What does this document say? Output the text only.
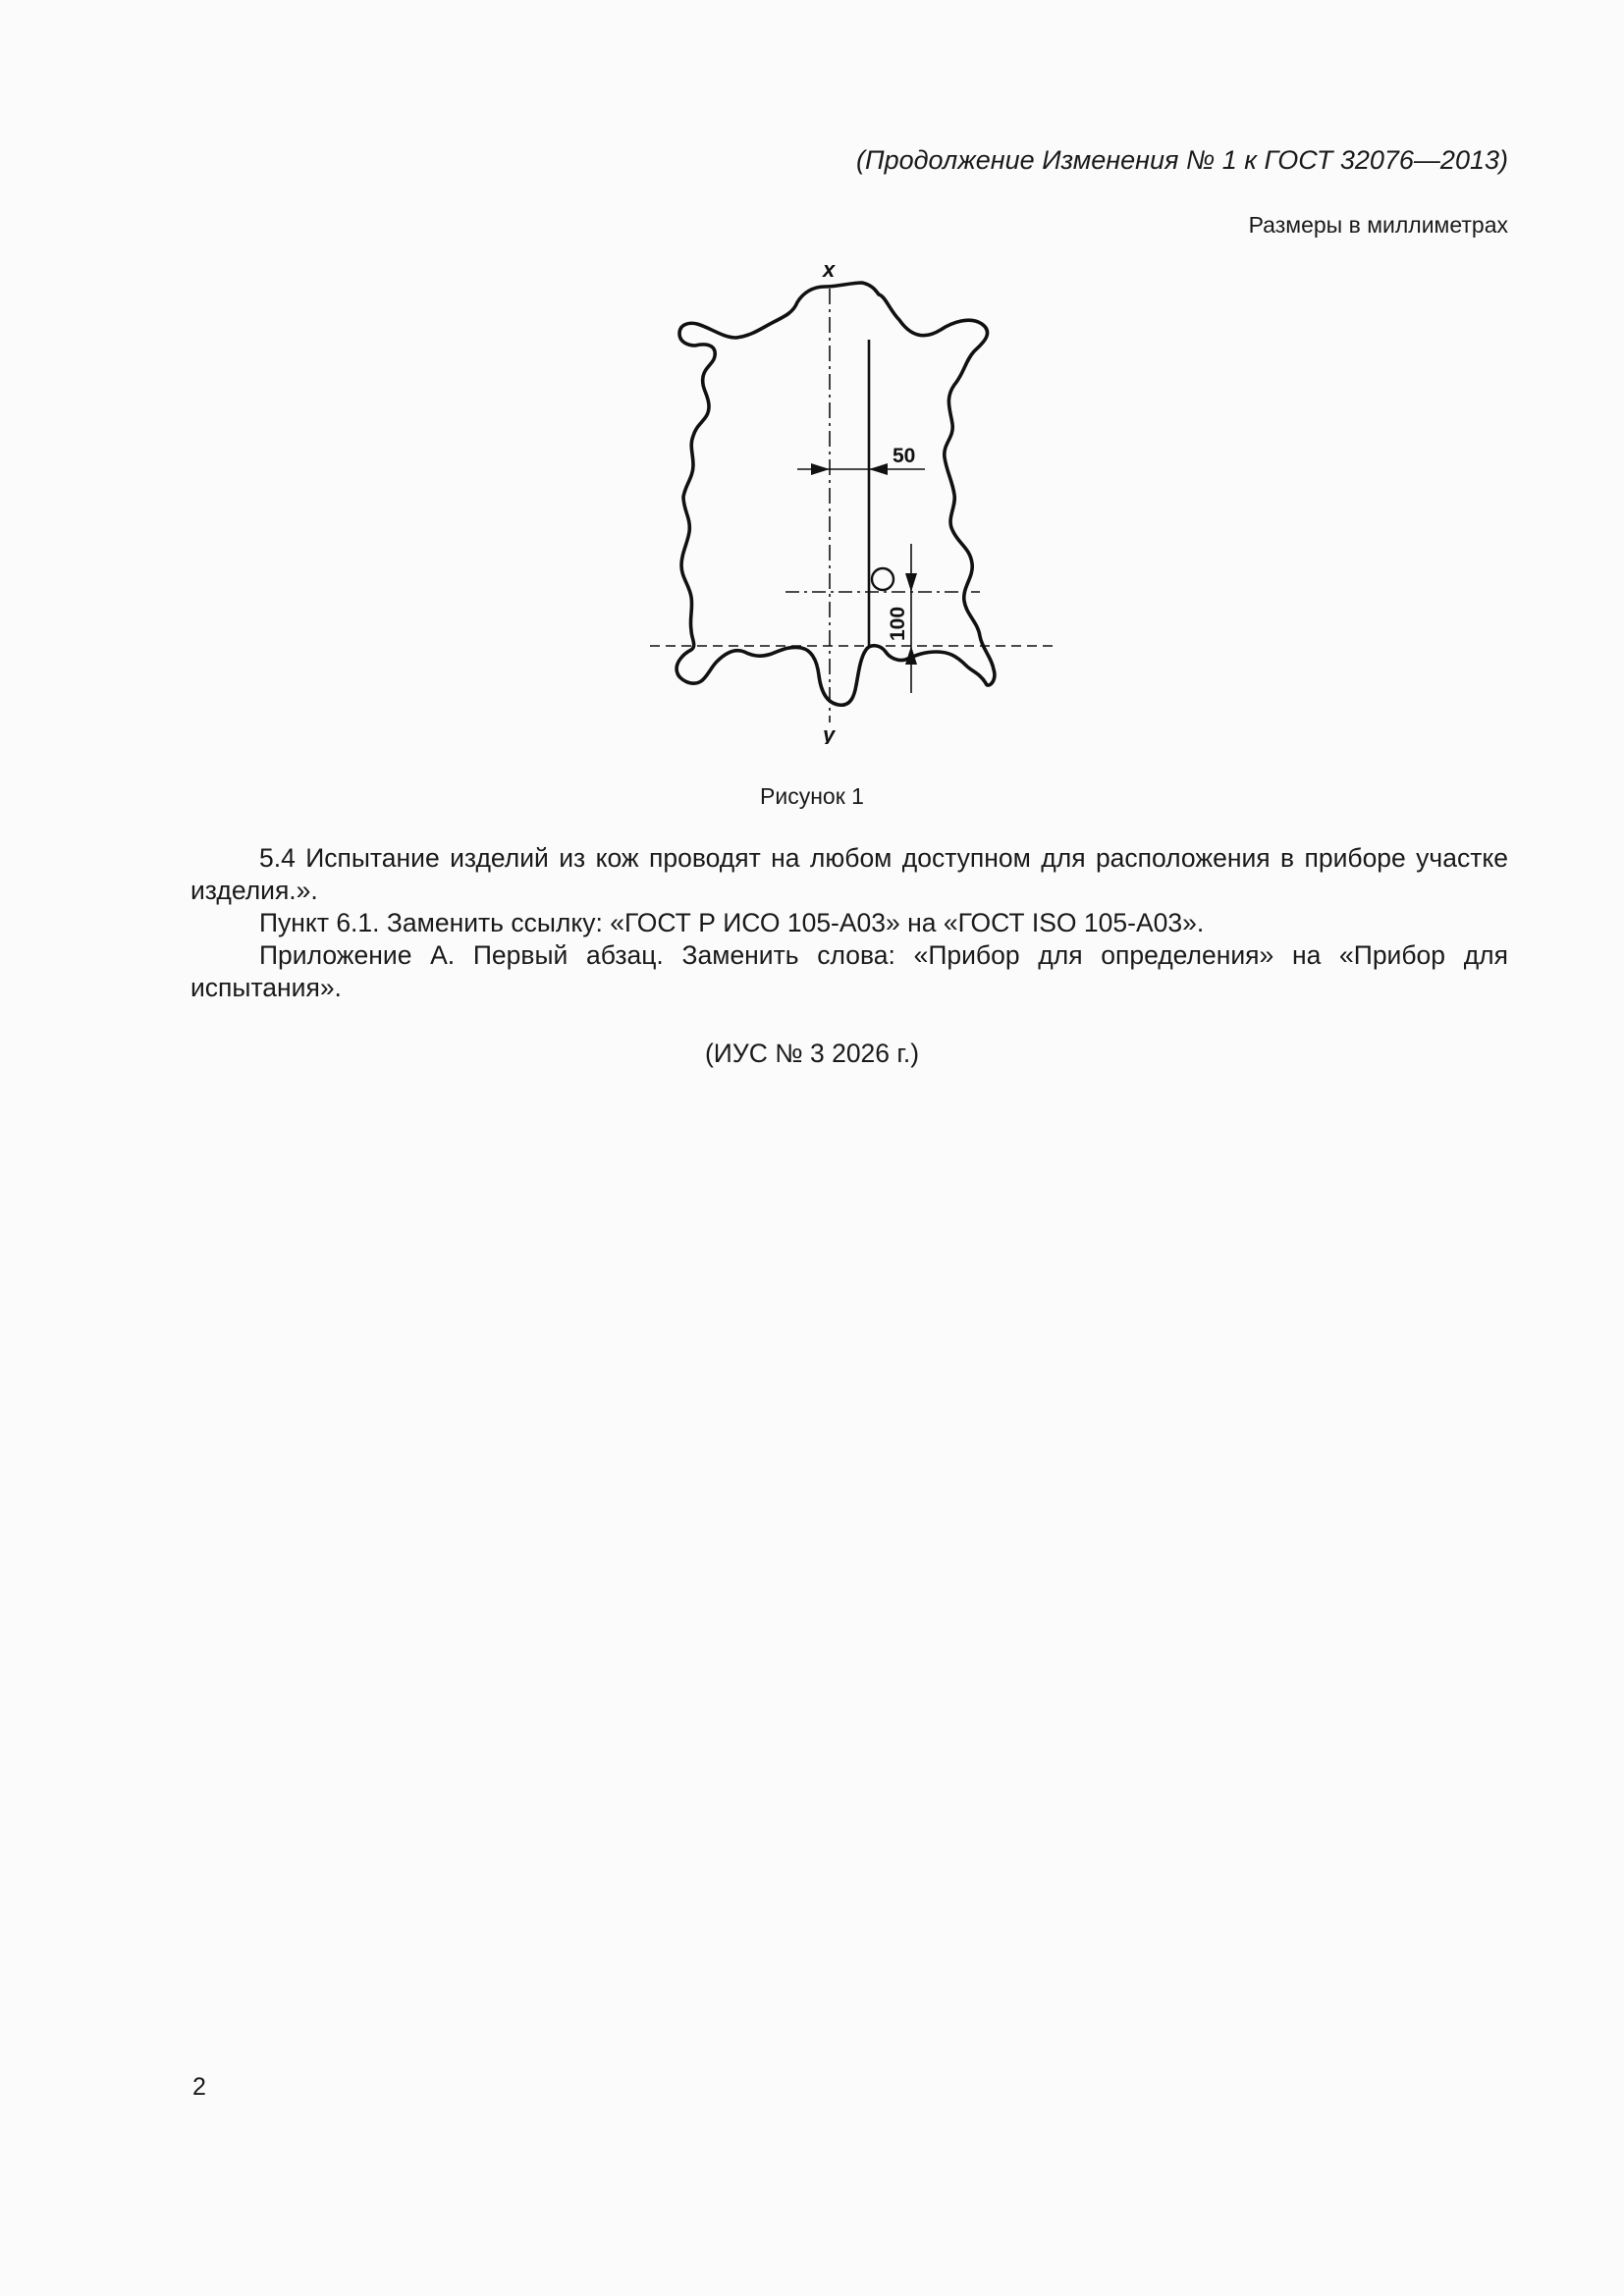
(Продолжение Изменения № 1 к ГОСТ 32076—2013)
Размеры в миллиметрах
50
100
x
y
Рисунок 1

5.4 Испытание изделий из кож проводят на любом доступном для расположения в приборе участке изделия.».

Пункт 6.1. Заменить ссылку: «ГОСТ Р ИСО 105-A03» на «ГОСТ ISO 105-A03».

Приложение А. Первый абзац. Заменить слова: «Прибор для определения» на «Прибор для испытания».

(ИУС № 3 2026 г.)
2
